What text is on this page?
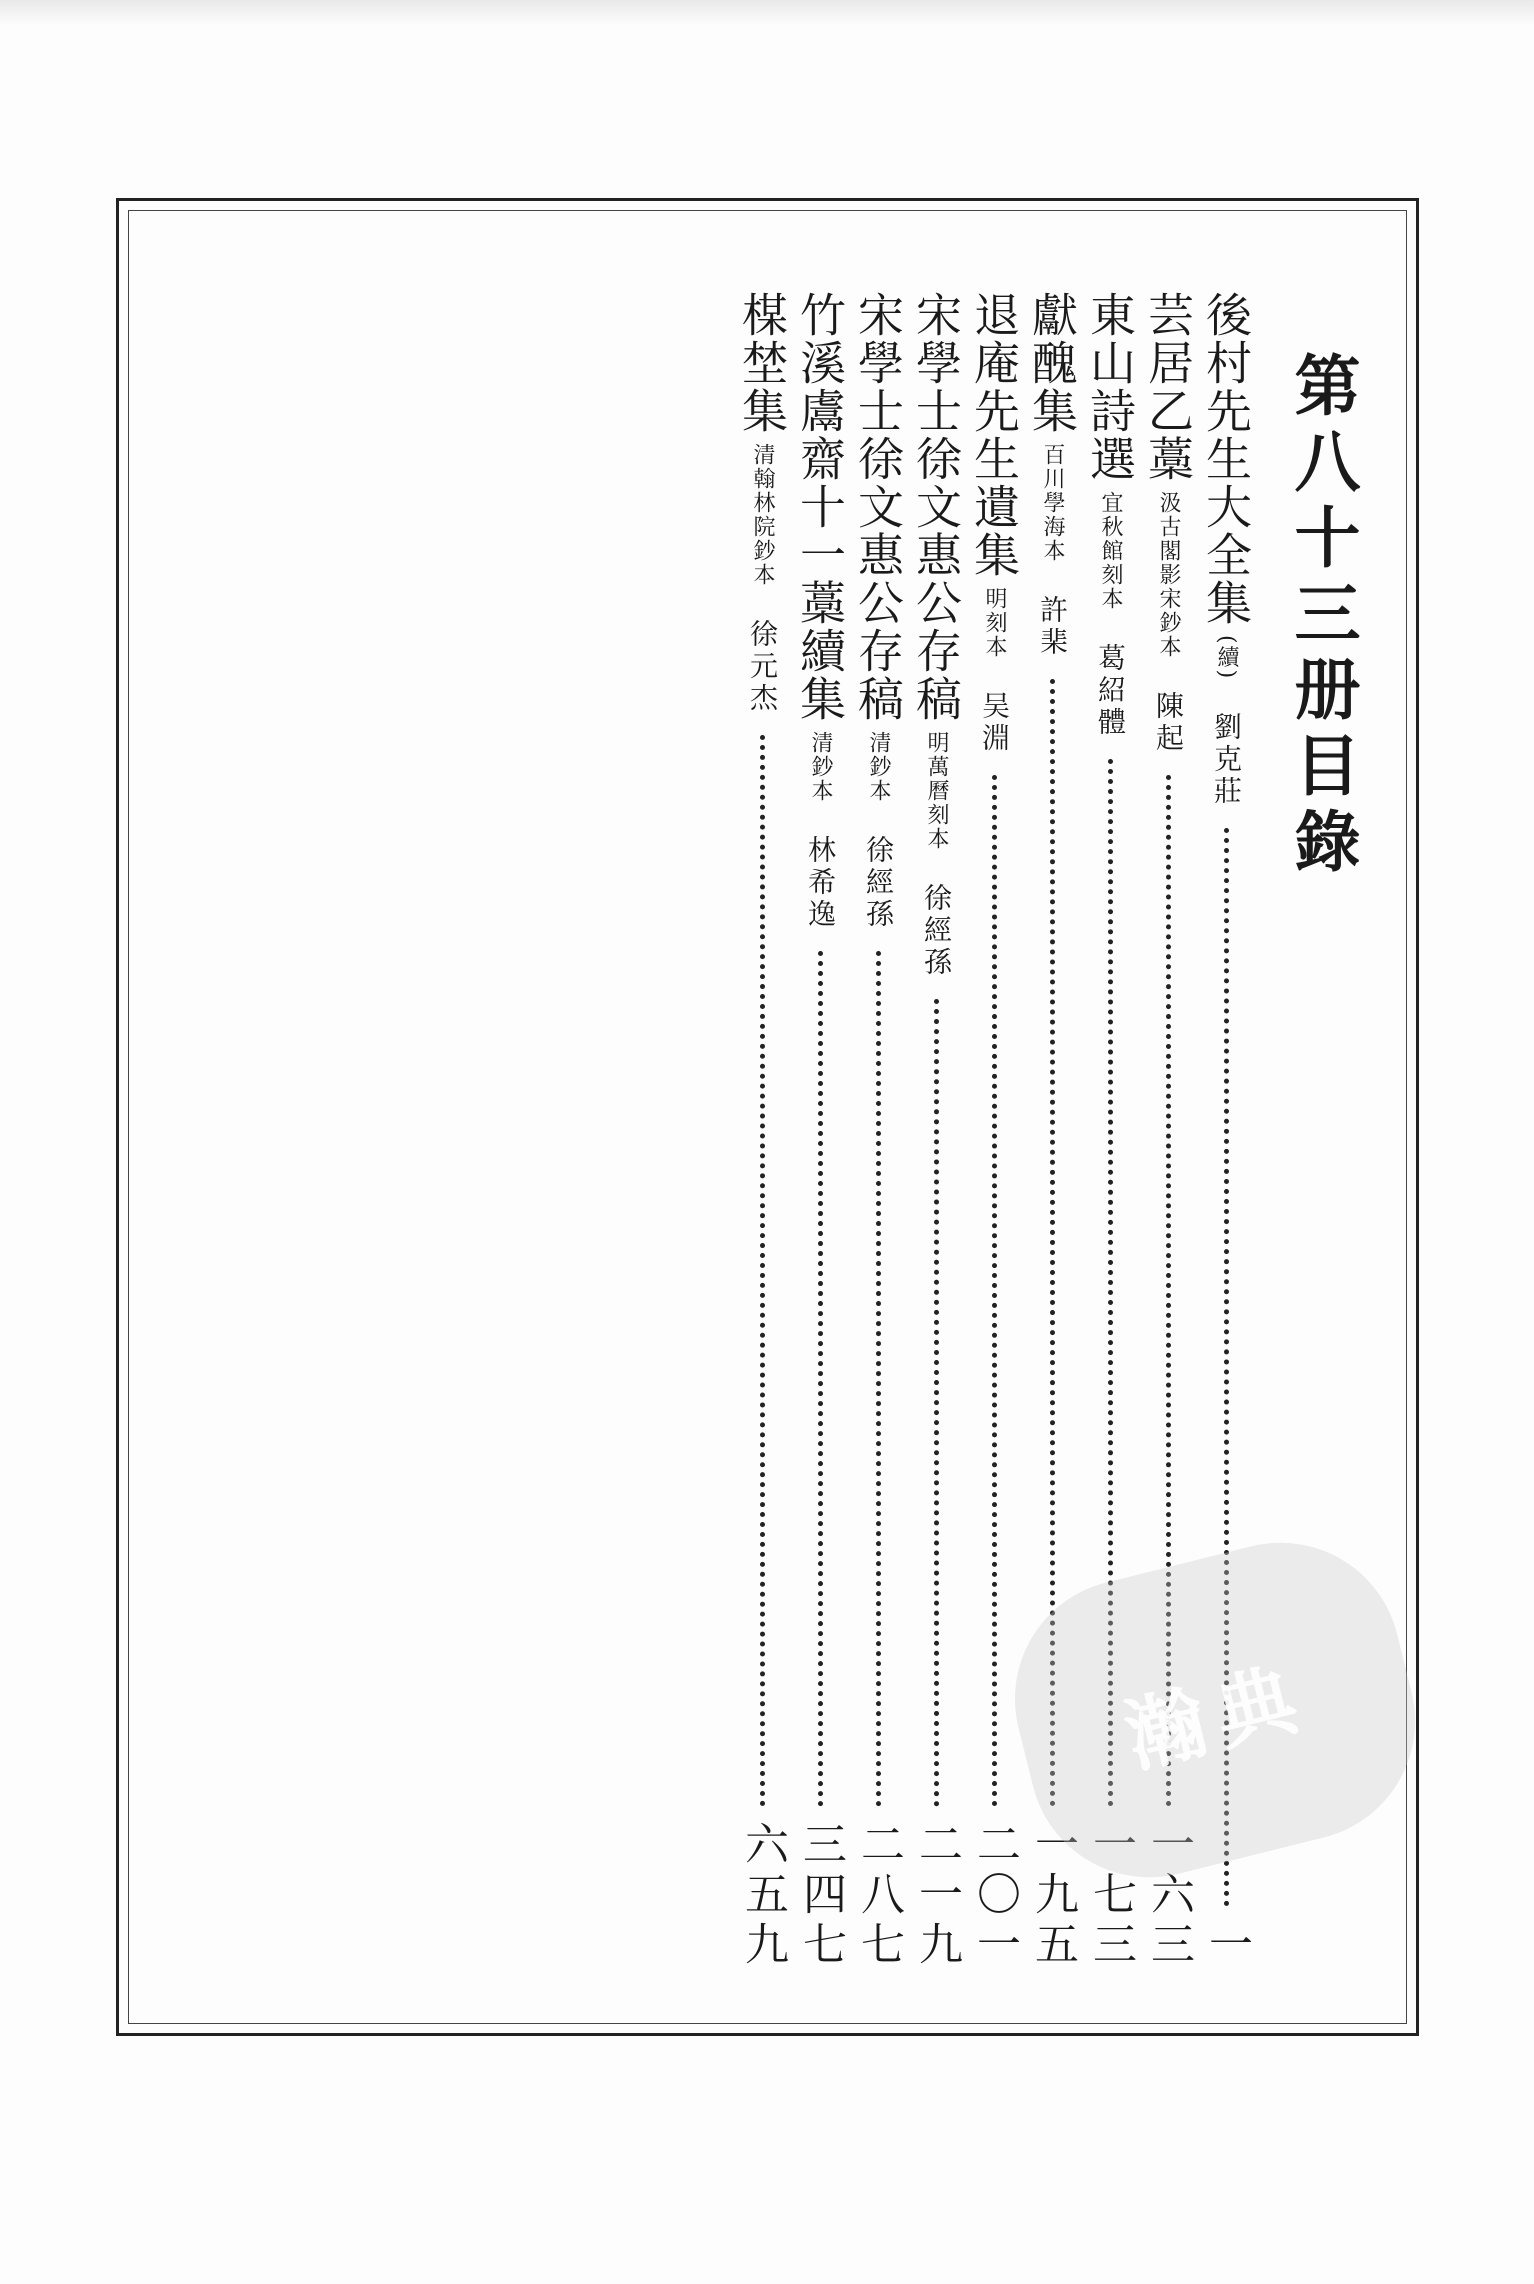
第八十三册目錄
後村先生大全集
(續)
劉克莊
一
芸居乙藁
汲古閣影宋鈔本
陳起
一六三
東山詩選
宜秋館刻本
葛紹體
一七三
獻醜集
百川學海本
許棐
一九五
退庵先生遺集
明刻本
吴淵
二〇一
宋學士徐文惠公存稿
明萬曆刻本
徐經孫
二一九
宋學士徐文惠公存稿
清鈔本
徐經孫
二八七
竹溪鬳齋十一藁續集
清鈔本
林希逸
三四七
楳埜集
清翰林院鈔本
徐元杰
六五九
瀚典
